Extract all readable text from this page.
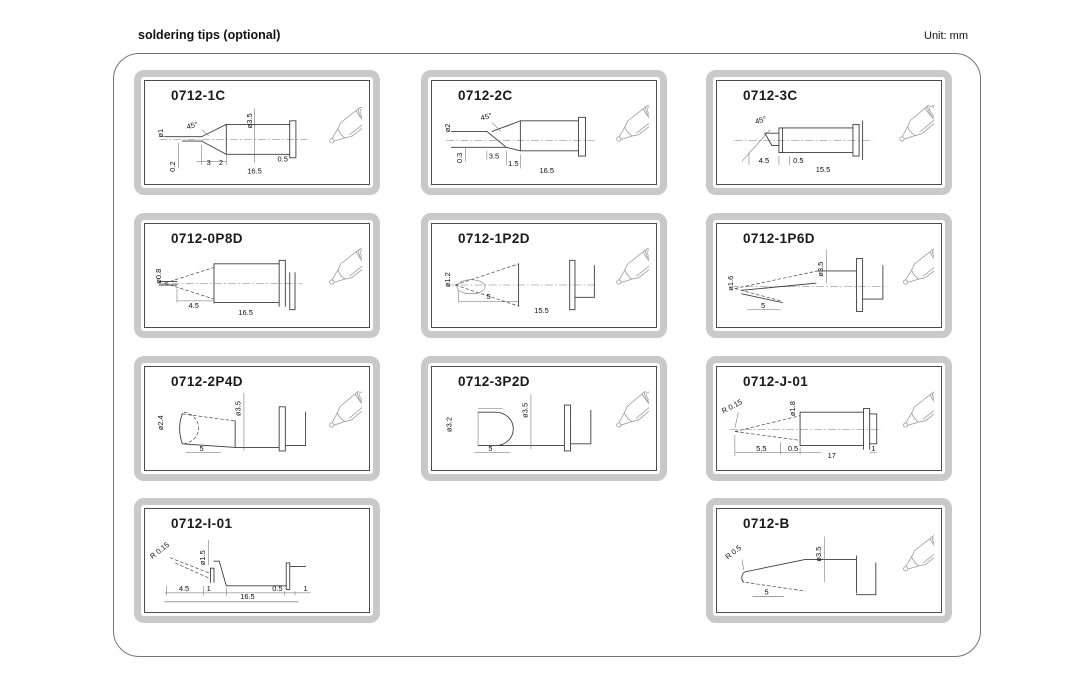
soldering tips (optional)	Unit: mm
0712-1C
ø1
0.2
45°	ø3.5
3 2
16.5
0.5
0712-2C
ø2
0.3
45°
3.5
1.5
16.5
0712-3C
45°
4.5	0.5
15.5
0712-0P8D
ø0.8
4.5
16.5
0712-1P2D
ø1.2
5
15.5
0712-1P6D
ø1.6
ø3.5
5
0712-2P4D
ø2.4
ø3.5
5
0712-3P2D
ø3.2
ø3.5
5
0712-J-01
R 0.15	ø1.8
5.5	0.5
17
1
0712-I-01
R 0.15	ø1.5
4.5 1
16.5
0.5 1
0712-B
R 0.5	ø3.5
5
